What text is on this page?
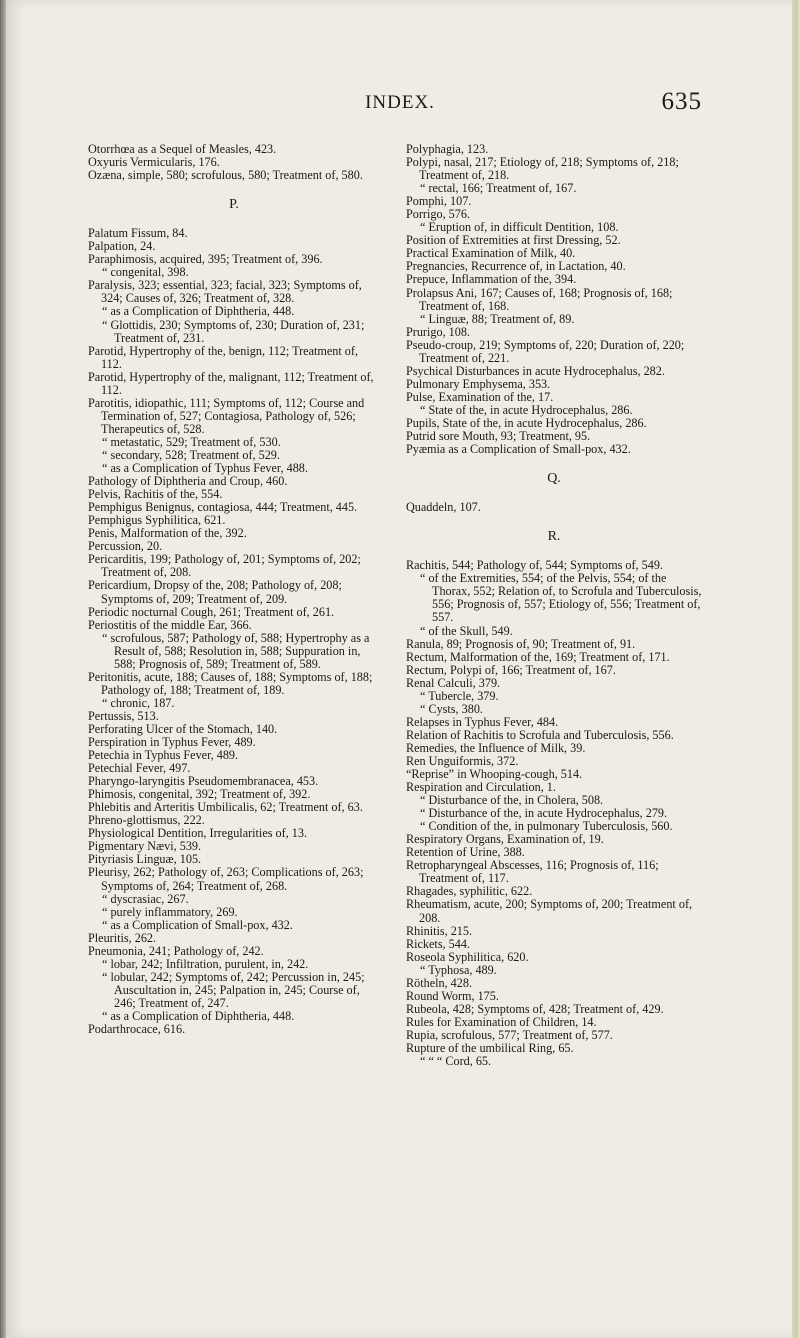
INDEX.	635
Otorrhœa as a Sequel of Measles, 423.
Oxyuris Vermicularis, 176.
Ozæna, simple, 580; scrofulous, 580; Treatment of, 580.
P.
Palatum Fissum, 84.
Palpation, 24.
Paraphimosis, acquired, 395; Treatment of, 396.
“ congenital, 398.
Paralysis, 323; essential, 323; facial, 323; Symptoms of, 324; Causes of, 326; Treatment of, 328.
“ as a Complication of Diphtheria, 448.
“ Glottidis, 230; Symptoms of, 230; Duration of, 231; Treatment of, 231.
Parotid, Hypertrophy of the, benign, 112; Treatment of, 112.
Parotid, Hypertrophy of the, malignant, 112; Treatment of, 112.
Parotitis, idiopathic, 111; Symptoms of, 112; Course and Termination of, 527; Contagiosa, Pathology of, 526; Therapeutics of, 528.
“ metastatic, 529; Treatment of, 530.
“ secondary, 528; Treatment of, 529.
“ as a Complication of Typhus Fever, 488.
Pathology of Diphtheria and Croup, 460.
Pelvis, Rachitis of the, 554.
Pemphigus Benignus, contagiosa, 444; Treatment, 445.
Pemphigus Syphilitica, 621.
Penis, Malformation of the, 392.
Percussion, 20.
Pericarditis, 199; Pathology of, 201; Symptoms of, 202; Treatment of, 208.
Pericardium, Dropsy of the, 208; Pathology of, 208; Symptoms of, 209; Treatment of, 209.
Periodic nocturnal Cough, 261; Treatment of, 261.
Periostitis of the middle Ear, 366.
“ scrofulous, 587; Pathology of, 588; Hypertrophy as a Result of, 588; Resolution in, 588; Suppuration in, 588; Prognosis of, 589; Treatment of, 589.
Peritonitis, acute, 188; Causes of, 188; Symptoms of, 188; Pathology of, 188; Treatment of, 189.
“ chronic, 187.
Pertussis, 513.
Perforating Ulcer of the Stomach, 140.
Perspiration in Typhus Fever, 489.
Petechia in Typhus Fever, 489.
Petechial Fever, 497.
Pharyngo-laryngitis Pseudomembranacea, 453.
Phimosis, congenital, 392; Treatment of, 392.
Phlebitis and Arteritis Umbilicalis, 62; Treatment of, 63.
Phreno-glottismus, 222.
Physiological Dentition, Irregularities of, 13.
Pigmentary Nævi, 539.
Pityriasis Linguæ, 105.
Pleurisy, 262; Pathology of, 263; Complications of, 263; Symptoms of, 264; Treatment of, 268.
“ dyscrasiac, 267.
“ purely inflammatory, 269.
“ as a Complication of Small-pox, 432.
Pleuritis, 262.
Pneumonia, 241; Pathology of, 242.
“ lobar, 242; Infiltration, purulent, in, 242.
“ lobular, 242; Symptoms of, 242; Percussion in, 245; Auscultation in, 245; Palpation in, 245; Course of, 246; Treatment of, 247.
“ as a Complication of Diphtheria, 448.
Podarthrocace, 616.
Polyphagia, 123.
Polypi, nasal, 217; Etiology of, 218; Symptoms of, 218; Treatment of, 218.
“ rectal, 166; Treatment of, 167.
Pomphi, 107.
Porrigo, 576.
“ Eruption of, in difficult Dentition, 108.
Position of Extremities at first Dressing, 52.
Practical Examination of Milk, 40.
Pregnancies, Recurrence of, in Lactation, 40.
Prepuce, Inflammation of the, 394.
Prolapsus Ani, 167; Causes of, 168; Prognosis of, 168; Treatment of, 168.
“ Linguæ, 88; Treatment of, 89.
Prurigo, 108.
Pseudo-croup, 219; Symptoms of, 220; Duration of, 220; Treatment of, 221.
Psychical Disturbances in acute Hydrocephalus, 282.
Pulmonary Emphysema, 353.
Pulse, Examination of the, 17.
“ State of the, in acute Hydrocephalus, 286.
Pupils, State of the, in acute Hydrocephalus, 286.
Putrid sore Mouth, 93; Treatment, 95.
Pyæmia as a Complication of Small-pox, 432.
Q.
Quaddeln, 107.
R.
Rachitis, 544; Pathology of, 544; Symptoms of, 549.
“ of the Extremities, 554; of the Pelvis, 554; of the Thorax, 552; Relation of, to Scrofula and Tuberculosis, 556; Prognosis of, 557; Etiology of, 556; Treatment of, 557.
“ of the Skull, 549.
Ranula, 89; Prognosis of, 90; Treatment of, 91.
Rectum, Malformation of the, 169; Treatment of, 171.
Rectum, Polypi of, 166; Treatment of, 167.
Renal Calculi, 379.
“ Tubercle, 379.
“ Cysts, 380.
Relapses in Typhus Fever, 484.
Relation of Rachitis to Scrofula and Tuberculosis, 556.
Remedies, the Influence of Milk, 39.
Ren Unguiformis, 372.
“Reprise” in Whooping-cough, 514.
Respiration and Circulation, 1.
“ Disturbance of the, in Cholera, 508.
“ Disturbance of the, in acute Hydrocephalus, 279.
“ Condition of the, in pulmonary Tuberculosis, 560.
Respiratory Organs, Examination of, 19.
Retention of Urine, 388.
Retropharyngeal Abscesses, 116; Prognosis of, 116; Treatment of, 117.
Rhagades, syphilitic, 622.
Rheumatism, acute, 200; Symptoms of, 200; Treatment of, 208.
Rhinitis, 215.
Rickets, 544.
Roseola Syphilitica, 620.
“ Typhosa, 489.
Rötheln, 428.
Round Worm, 175.
Rubeola, 428; Symptoms of, 428; Treatment of, 429.
Rules for Examination of Children, 14.
Rupia, scrofulous, 577; Treatment of, 577.
Rupture of the umbilical Ring, 65.
“ “ “ Cord, 65.
